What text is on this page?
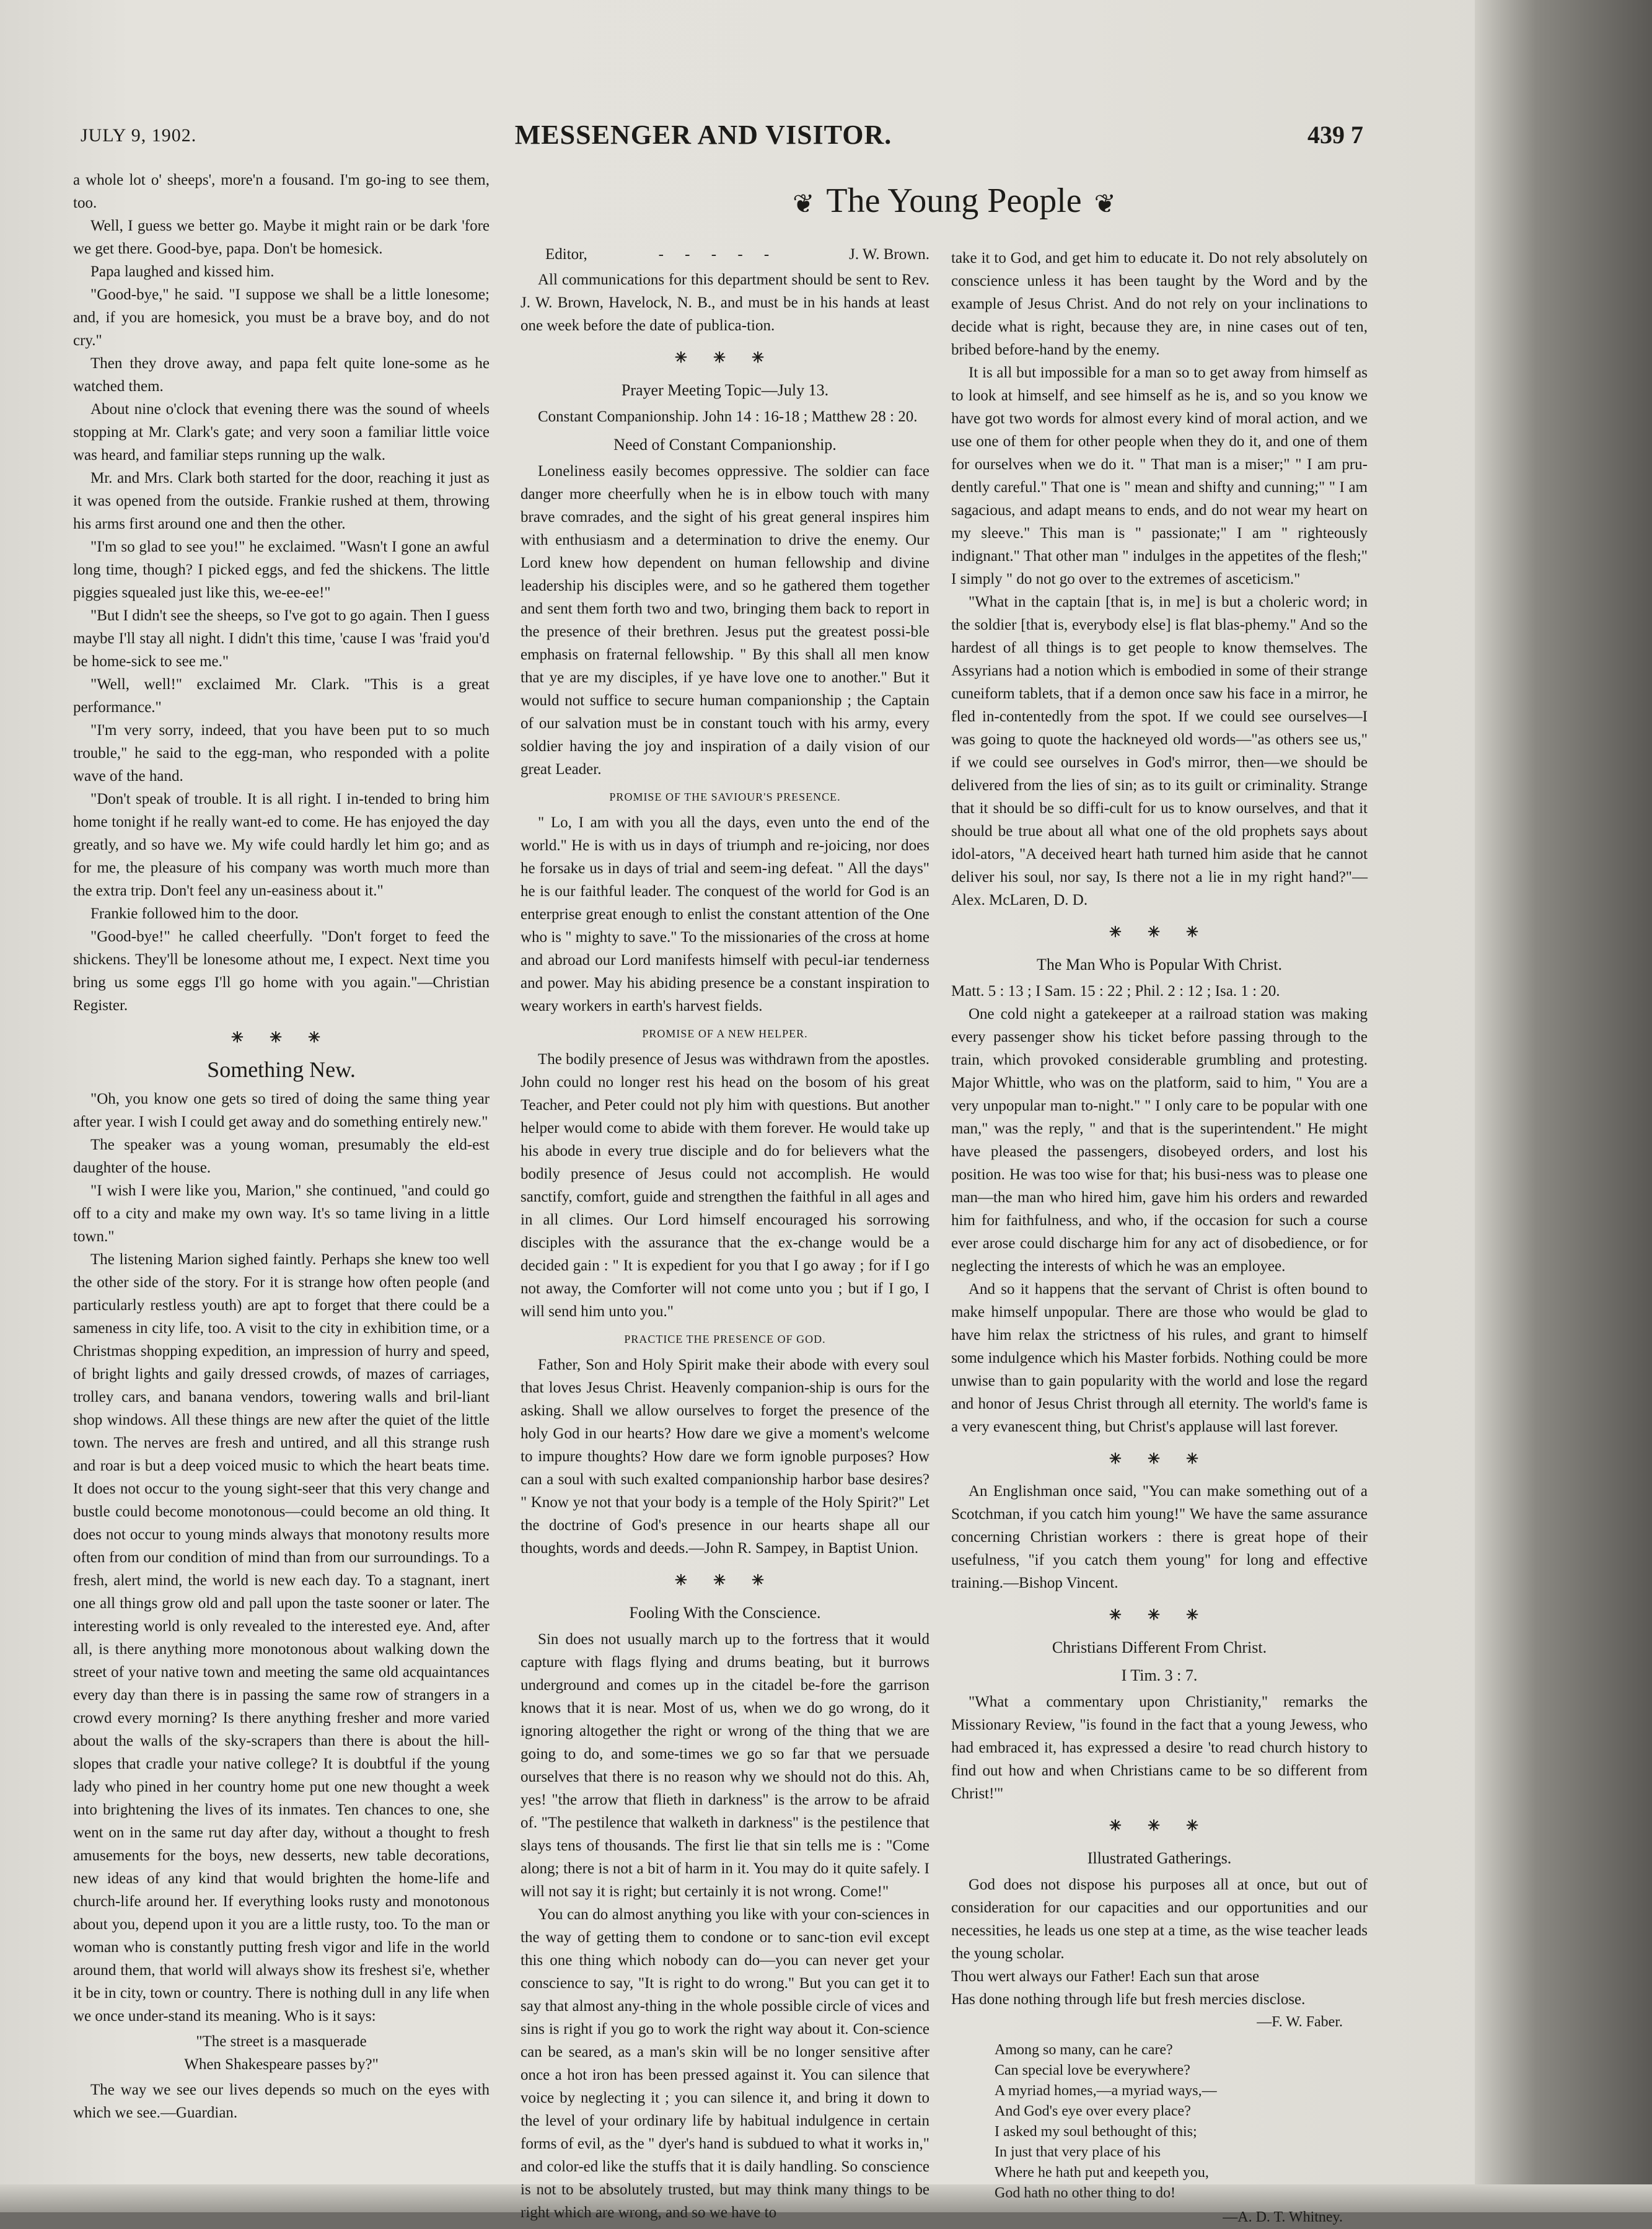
JULY 9, 1902.	MESSENGER AND VISITOR.	439 7
❦ The Young People ❦

a whole lot o' sheeps', more'n a fousand. I'm go-ing to see them, too.

Well, I guess we better go. Maybe it might rain or be dark 'fore we get there. Good-bye, papa. Don't be homesick.

Papa laughed and kissed him.

"Good-bye," he said. "I suppose we shall be a little lonesome; and, if you are homesick, you must be a brave boy, and do not cry."

Then they drove away, and papa felt quite lone-some as he watched them.

About nine o'clock that evening there was the sound of wheels stopping at Mr. Clark's gate; and very soon a familiar little voice was heard, and familiar steps running up the walk.

Mr. and Mrs. Clark both started for the door, reaching it just as it was opened from the outside. Frankie rushed at them, throwing his arms first around one and then the other.

"I'm so glad to see you!" he exclaimed. "Wasn't I gone an awful long time, though? I picked eggs, and fed the shickens. The little piggies squealed just like this, we-ee-ee!"

"But I didn't see the sheeps, so I've got to go again. Then I guess maybe I'll stay all night. I didn't this time, 'cause I was 'fraid you'd be home-sick to see me."

"Well, well!" exclaimed Mr. Clark. "This is a great performance."

"I'm very sorry, indeed, that you have been put to so much trouble," he said to the egg-man, who responded with a polite wave of the hand.

"Don't speak of trouble. It is all right. I in-tended to bring him home tonight if he really want-ed to come. He has enjoyed the day greatly, and so have we. My wife could hardly let him go; and as for me, the pleasure of his company was worth much more than the extra trip. Don't feel any un-easiness about it."

Frankie followed him to the door.

"Good-bye!" he called cheerfully. "Don't forget to feed the shickens. They'll be lonesome athout me, I expect. Next time you bring us some eggs I'll go home with you again."—Christian Register.

✳ ✳ ✳
Something New.

"Oh, you know one gets so tired of doing the same thing year after year. I wish I could get away and do something entirely new."

The speaker was a young woman, presumably the eld-est daughter of the house.

"I wish I were like you, Marion," she continued, "and could go off to a city and make my own way. It's so tame living in a little town."

The listening Marion sighed faintly. Perhaps she knew too well the other side of the story. For it is strange how often people (and particularly restless youth) are apt to forget that there could be a sameness in city life, too. A visit to the city in exhibition time, or a Christmas shopping expedition, an impression of hurry and speed, of bright lights and gaily dressed crowds, of mazes of carriages, trolley cars, and banana vendors, towering walls and bril-liant shop windows. All these things are new after the quiet of the little town. The nerves are fresh and untired, and all this strange rush and roar is but a deep voiced music to which the heart beats time. It does not occur to the young sight-seer that this very change and bustle could become monotonous—could become an old thing. It does not occur to young minds always that monotony results more often from our condition of mind than from our surroundings. To a fresh, alert mind, the world is new each day. To a stagnant, inert one all things grow old and pall upon the taste sooner or later. The interesting world is only revealed to the interested eye. And, after all, is there anything more monotonous about walking down the street of your native town and meeting the same old acquaintances every day than there is in passing the same row of strangers in a crowd every morning? Is there anything fresher and more varied about the walls of the sky-scrapers than there is about the hill-slopes that cradle your native college? It is doubtful if the young lady who pined in her country home put one new thought a week into brightening the lives of its inmates. Ten chances to one, she went on in the same rut day after day, without a thought to fresh amusements for the boys, new desserts, new table decorations, new ideas of any kind that would brighten the home-life and church-life around her. If everything looks rusty and monotonous about you, depend upon it you are a little rusty, too. To the man or woman who is constantly putting fresh vigor and life in the world around them, that world will always show its freshest si'e, whether it be in city, town or country. There is nothing dull in any life when we once under-stand its meaning. Who is it says:

"The street is a masquerade
When Shakespeare passes by?"

The way we see our lives depends so much on the eyes with which we see.—Guardian.

Editor,	- - - - -	J. W. Brown.

All communications for this department should be sent to Rev. J. W. Brown, Havelock, N. B., and must be in his hands at least one week before the date of publica-tion.

✳ ✳ ✳
Prayer Meeting Topic—July 13.

Constant Companionship. John 14 : 16-18 ; Matthew 28 : 20.

Need of Constant Companionship.

Loneliness easily becomes oppressive. The soldier can face danger more cheerfully when he is in elbow touch with many brave comrades, and the sight of his great general inspires him with enthusiasm and a determination to drive the enemy. Our Lord knew how dependent on human fellowship and divine leadership his disciples were, and so he gathered them together and sent them forth two and two, bringing them back to report in the presence of their brethren. Jesus put the greatest possi-ble emphasis on fraternal fellowship. " By this shall all men know that ye are my disciples, if ye have love one to another." But it would not suffice to secure human companionship ; the Captain of our salvation must be in constant touch with his army, every soldier having the joy and inspiration of a daily vision of our great Leader.

PROMISE OF THE SAVIOUR'S PRESENCE.

" Lo, I am with you all the days, even unto the end of the world." He is with us in days of triumph and re-joicing, nor does he forsake us in days of trial and seem-ing defeat. " All the days" he is our faithful leader. The conquest of the world for God is an enterprise great enough to enlist the constant attention of the One who is " mighty to save." To the missionaries of the cross at home and abroad our Lord manifests himself with pecul-iar tenderness and power. May his abiding presence be a constant inspiration to weary workers in earth's harvest fields.

PROMISE OF A NEW HELPER.

The bodily presence of Jesus was withdrawn from the apostles. John could no longer rest his head on the bosom of his great Teacher, and Peter could not ply him with questions. But another helper would come to abide with them forever. He would take up his abode in every true disciple and do for believers what the bodily presence of Jesus could not accomplish. He would sanctify, comfort, guide and strengthen the faithful in all ages and in all climes. Our Lord himself encouraged his sorrowing disciples with the assurance that the ex-change would be a decided gain : " It is expedient for you that I go away ; for if I go not away, the Comforter will not come unto you ; but if I go, I will send him unto you."

PRACTICE THE PRESENCE OF GOD.

Father, Son and Holy Spirit make their abode with every soul that loves Jesus Christ. Heavenly companion-ship is ours for the asking. Shall we allow ourselves to forget the presence of the holy God in our hearts? How dare we give a moment's welcome to impure thoughts? How dare we form ignoble purposes? How can a soul with such exalted companionship harbor base desires? " Know ye not that your body is a temple of the Holy Spirit?" Let the doctrine of God's presence in our hearts shape all our thoughts, words and deeds.—John R. Sampey, in Baptist Union.

✳ ✳ ✳
Fooling With the Conscience.

Sin does not usually march up to the fortress that it would capture with flags flying and drums beating, but it burrows underground and comes up in the citadel be-fore the garrison knows that it is near. Most of us, when we do go wrong, do it ignoring altogether the right or wrong of the thing that we are going to do, and some-times we go so far that we persuade ourselves that there is no reason why we should not do this. Ah, yes! "the arrow that flieth in darkness" is the arrow to be afraid of. "The pestilence that walketh in darkness" is the pestilence that slays tens of thousands. The first lie that sin tells me is : "Come along; there is not a bit of harm in it. You may do it quite safely. I will not say it is right; but certainly it is not wrong. Come!"

You can do almost anything you like with your con-sciences in the way of getting them to condone or to sanc-tion evil except this one thing which nobody can do—you can never get your conscience to say, "It is right to do wrong." But you can get it to say that almost any-thing in the whole possible circle of vices and sins is right if you go to work the right way about it. Con-science can be seared, as a man's skin will be no longer sensitive after once a hot iron has been pressed against it. You can silence that voice by neglecting it ; you can silence it, and bring it down to the level of your ordinary life by habitual indulgence in certain forms of evil, as the " dyer's hand is subdued to what it works in," and color-ed like the stuffs that it is daily handling. So conscience is not to be absolutely trusted, but may think many things to be right which are wrong, and so we have to

take it to God, and get him to educate it. Do not rely absolutely on conscience unless it has been taught by the Word and by the example of Jesus Christ. And do not rely on your inclinations to decide what is right, because they are, in nine cases out of ten, bribed before-hand by the enemy.

It is all but impossible for a man so to get away from himself as to look at himself, and see himself as he is, and so you know we have got two words for almost every kind of moral action, and we use one of them for other people when they do it, and one of them for ourselves when we do it. " That man is a miser;" " I am pru-dently careful." That one is " mean and shifty and cunning;" " I am sagacious, and adapt means to ends, and do not wear my heart on my sleeve." This man is " passionate;" I am " righteously indignant." That other man " indulges in the appetites of the flesh;" I simply " do not go over to the extremes of asceticism."

"What in the captain [that is, in me] is but a choleric word; in the soldier [that is, everybody else] is flat blas-phemy." And so the hardest of all things is to get people to know themselves. The Assyrians had a notion which is embodied in some of their strange cuneiform tablets, that if a demon once saw his face in a mirror, he fled in-contentedly from the spot. If we could see ourselves—I was going to quote the hackneyed old words—"as others see us," if we could see ourselves in God's mirror, then—we should be delivered from the lies of sin; as to its guilt or criminality. Strange that it should be so diffi-cult for us to know ourselves, and that it should be true about all what one of the old prophets says about idol-ators, "A deceived heart hath turned him aside that he cannot deliver his soul, nor say, Is there not a lie in my right hand?"—Alex. McLaren, D. D.

✳ ✳ ✳
The Man Who is Popular With Christ.

Matt. 5 : 13 ; I Sam. 15 : 22 ; Phil. 2 : 12 ; Isa. 1 : 20.

One cold night a gatekeeper at a railroad station was making every passenger show his ticket before passing through to the train, which provoked considerable grumbling and protesting. Major Whittle, who was on the platform, said to him, " You are a very unpopular man to-night." " I only care to be popular with one man," was the reply, " and that is the superintendent." He might have pleased the passengers, disobeyed orders, and lost his position. He was too wise for that; his busi-ness was to please one man—the man who hired him, gave him his orders and rewarded him for faithfulness, and who, if the occasion for such a course ever arose could discharge him for any act of disobedience, or for neglecting the interests of which he was an employee.

And so it happens that the servant of Christ is often bound to make himself unpopular. There are those who would be glad to have him relax the strictness of his rules, and grant to himself some indulgence which his Master forbids. Nothing could be more unwise than to gain popularity with the world and lose the regard and honor of Jesus Christ through all eternity. The world's fame is a very evanescent thing, but Christ's applause will last forever.

✳ ✳ ✳

An Englishman once said, "You can make something out of a Scotchman, if you catch him young!" We have the same assurance concerning Christian workers : there is great hope of their usefulness, "if you catch them young" for long and effective training.—Bishop Vincent.

✳ ✳ ✳
Christians Different From Christ.
I Tim. 3 : 7.

"What a commentary upon Christianity," remarks the Missionary Review, "is found in the fact that a young Jewess, who had embraced it, has expressed a desire 'to read church history to find out how and when Christians came to be so different from Christ!'"

✳ ✳ ✳
Illustrated Gatherings.

God does not dispose his purposes all at once, but out of consideration for our capacities and our opportunities and our necessities, he leads us one step at a time, as the wise teacher leads the young scholar.

Thou wert always our Father! Each sun that arose
Has done nothing through life but fresh mercies disclose.
—F. W. Faber.
Among so many, can he care?
Can special love be everywhere?
A myriad homes,—a myriad ways,—
And God's eye over every place?
I asked my soul bethought of this;
In just that very place of his
Where he hath put and keepeth you,
God hath no other thing to do!
—A. D. T. Whitney.
